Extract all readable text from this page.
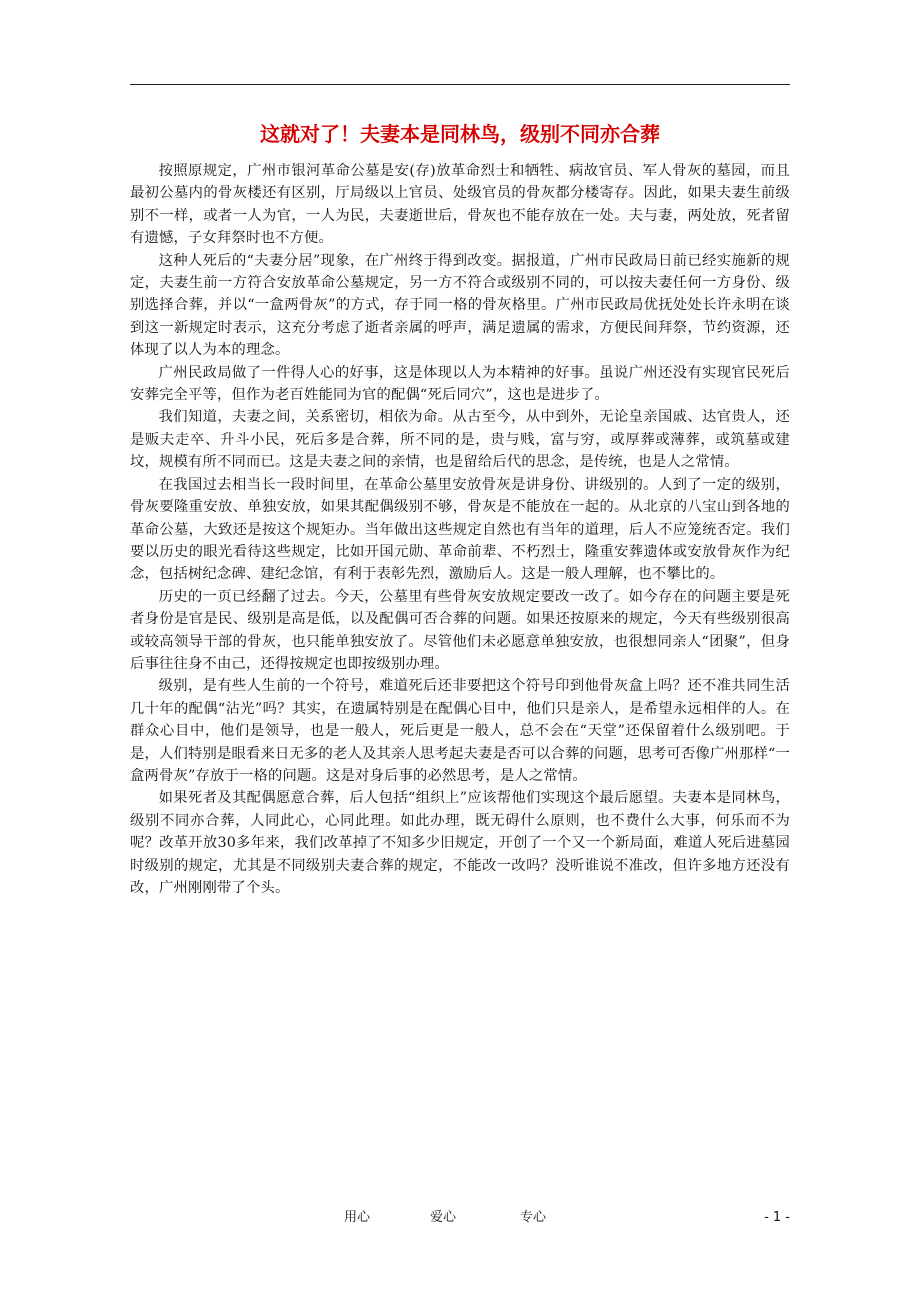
这就对了！夫妻本是同林鸟，级别不同亦合葬

按照原规定，广州市银河革命公墓是安(存)放革命烈士和牺牲、病故官员、军人骨灰的墓园，而且最初公墓内的骨灰楼还有区别，厅局级以上官员、处级官员的骨灰都分楼寄存。因此，如果夫妻生前级别不一样，或者一人为官，一人为民，夫妻逝世后，骨灰也不能存放在一处。夫与妻，两处放，死者留有遗憾，子女拜祭时也不方便。

这种人死后的“夫妻分居”现象，在广州终于得到改变。据报道，广州市民政局日前已经实施新的规定，夫妻生前一方符合安放革命公墓规定，另一方不符合或级别不同的，可以按夫妻任何一方身份、级别选择合葬，并以“一盒两骨灰”的方式，存于同一格的骨灰格里。广州市民政局优抚处处长许永明在谈到这一新规定时表示，这充分考虑了逝者亲属的呼声，满足遗属的需求，方便民间拜祭，节约资源，还体现了以人为本的理念。

广州民政局做了一件得人心的好事，这是体现以人为本精神的好事。虽说广州还没有实现官民死后安葬完全平等，但作为老百姓能同为官的配偶“死后同穴”，这也是进步了。

我们知道，夫妻之间，关系密切，相依为命。从古至今，从中到外，无论皇亲国戚、达官贵人，还是贩夫走卒、升斗小民，死后多是合葬，所不同的是，贵与贱，富与穷，或厚葬或薄葬，或筑墓或建坟，规模有所不同而已。这是夫妻之间的亲情，也是留给后代的思念，是传统，也是人之常情。

在我国过去相当长一段时间里，在革命公墓里安放骨灰是讲身份、讲级别的。人到了一定的级别，骨灰要隆重安放、单独安放，如果其配偶级别不够，骨灰是不能放在一起的。从北京的八宝山到各地的革命公墓，大致还是按这个规矩办。当年做出这些规定自然也有当年的道理，后人不应笼统否定。我们要以历史的眼光看待这些规定，比如开国元勋、革命前辈、不朽烈士，隆重安葬遗体或安放骨灰作为纪念，包括树纪念碑、建纪念馆，有利于表彰先烈，激励后人。这是一般人理解，也不攀比的。

历史的一页已经翻了过去。今天，公墓里有些骨灰安放规定要改一改了。如今存在的问题主要是死者身份是官是民、级别是高是低，以及配偶可否合葬的问题。如果还按原来的规定，今天有些级别很高或较高领导干部的骨灰，也只能单独安放了。尽管他们未必愿意单独安放，也很想同亲人“团聚”，但身后事往往身不由己，还得按规定也即按级别办理。

级别，是有些人生前的一个符号，难道死后还非要把这个符号印到他骨灰盒上吗？还不准共同生活几十年的配偶“沾光”吗？其实，在遗属特别是在配偶心目中，他们只是亲人，是希望永远相伴的人。在群众心目中，他们是领导，也是一般人，死后更是一般人，总不会在“天堂”还保留着什么级别吧。于是，人们特别是眼看来日无多的老人及其亲人思考起夫妻是否可以合葬的问题，思考可否像广州那样“一盒两骨灰”存放于一格的问题。这是对身后事的必然思考，是人之常情。

如果死者及其配偶愿意合葬，后人包括“组织上”应该帮他们实现这个最后愿望。夫妻本是同林鸟，级别不同亦合葬，人同此心，心同此理。如此办理，既无碍什么原则，也不费什么大事，何乐而不为呢？改革开放30多年来，我们改革掉了不知多少旧规定，开创了一个又一个新局面，难道人死后进墓园时级别的规定，尤其是不同级别夫妻合葬的规定，不能改一改吗？没听谁说不准改，但许多地方还没有改，广州刚刚带了个头。

用心	爱心	专心	- 1 -
